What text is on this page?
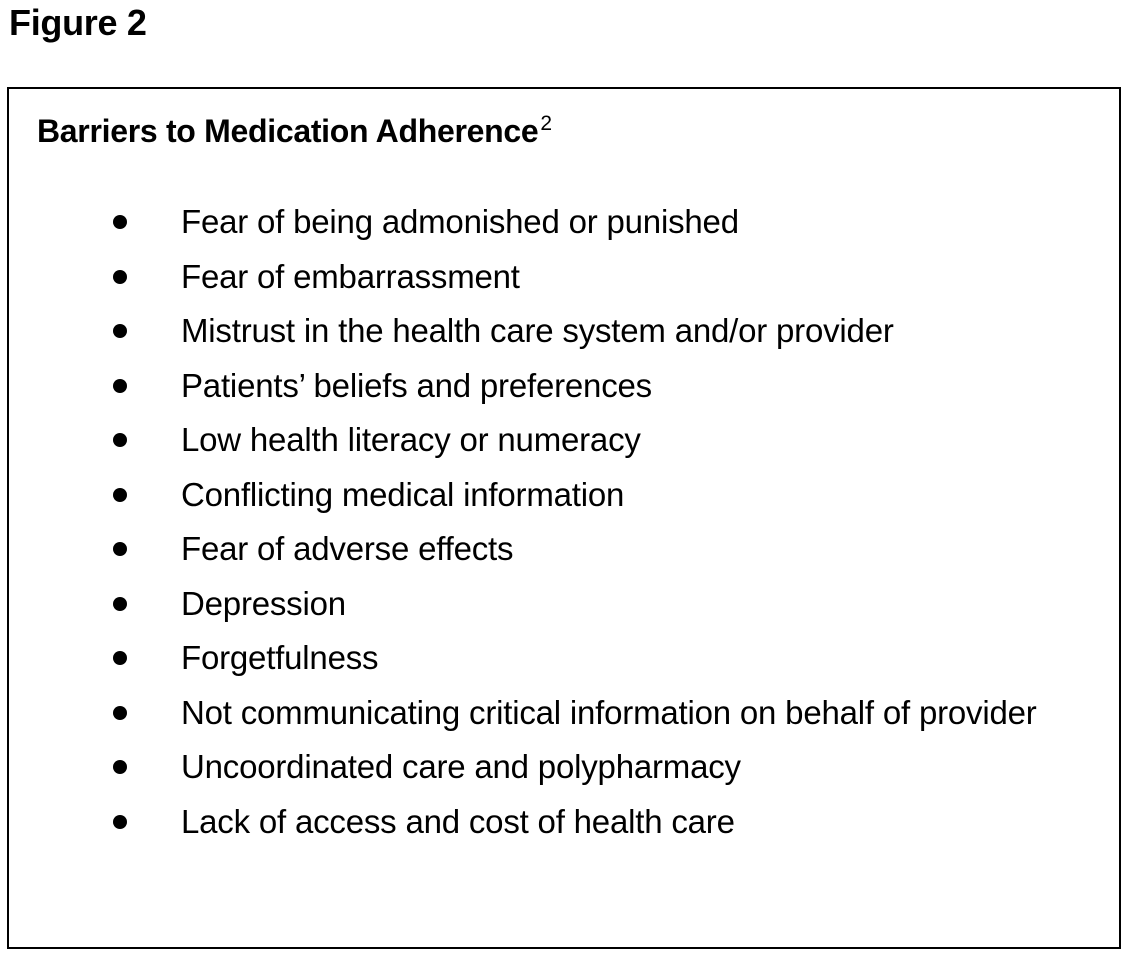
Figure 2
Barriers to Medication Adherence$^2$
Fear of being admonished or punished
Fear of embarrassment
Mistrust in the health care system and/or provider
Patients’ beliefs and preferences
Low health literacy or numeracy
Conflicting medical information
Fear of adverse effects
Depression
Forgetfulness
Not communicating critical information on behalf of provider
Uncoordinated care and polypharmacy
Lack of access and cost of health care
